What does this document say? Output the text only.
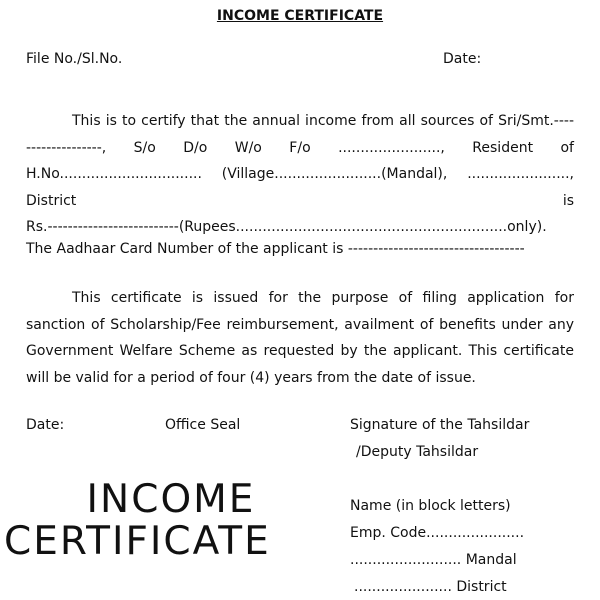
INCOME CERTIFICATE
File No./Sl.No.	Date:
This is to certify that the annual income from all sources of Sri/Smt.----
---------------, S/o D/o W/o F/o ......................., Resident of
H.No................................ (Village........................(Mandal), ......................., District is
Rs.--------------------------(Rupees.............................................................only).
The Aadhaar Card Number of the applicant is -----------------------------------
This certificate is issued for the purpose of filing application for
sanction of Scholarship/Fee reimbursement, availment of benefits under any
Government Welfare Scheme as requested by the applicant. This certificate
will be valid for a period of four (4) years from the date of issue.
Date:	Office Seal	Signature of the Tahsildar
/Deputy Tahsildar
Name (in block letters)
Emp. Code......................
......................... Mandal
...................... District
INCOME
CERTIFICATE
